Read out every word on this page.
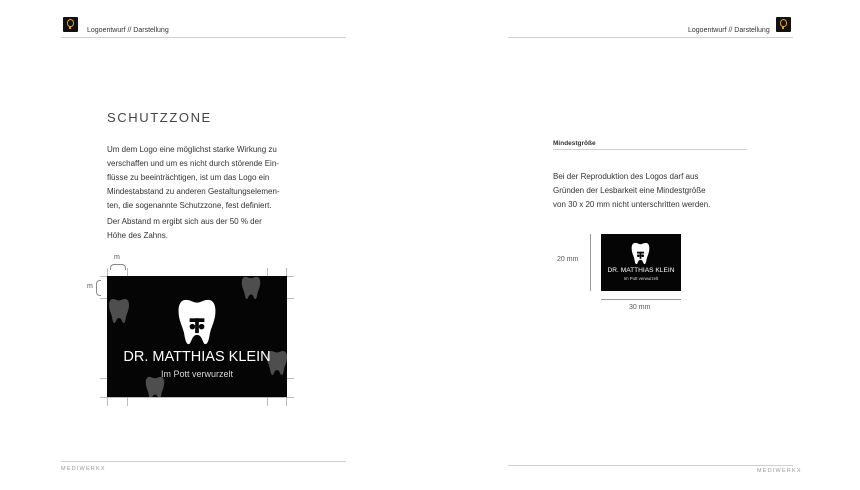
Logoentwurf // Darstellung
SCHUTZZONE
Um dem Logo eine möglichst starke Wirkung zu
verschaffen und um es nicht durch störende Ein-
flüsse zu beeinträchtigen, ist um das Logo ein
Mindestabstand zu anderen Gestaltungselemen-
ten, die sogenannte Schutzzone, fest definiert.
Der Abstand m ergibt sich aus der 50 % der
Höhe des Zahns.
m
m
DR. MATTHIAS KLEIN
Im Pott verwurzelt
MEDIWERKX
Logoentwurf // Darstellung
Mindestgröße
Bei der Reproduktion des Logos darf aus
Gründen der Lesbarkeit eine Mindestgröße
von 30 x 20 mm nicht unterschritten werden.
20 mm
30 mm
MEDIWERKX
DR. MATTHIAS KLEIN
Im Pott verwurzelt
